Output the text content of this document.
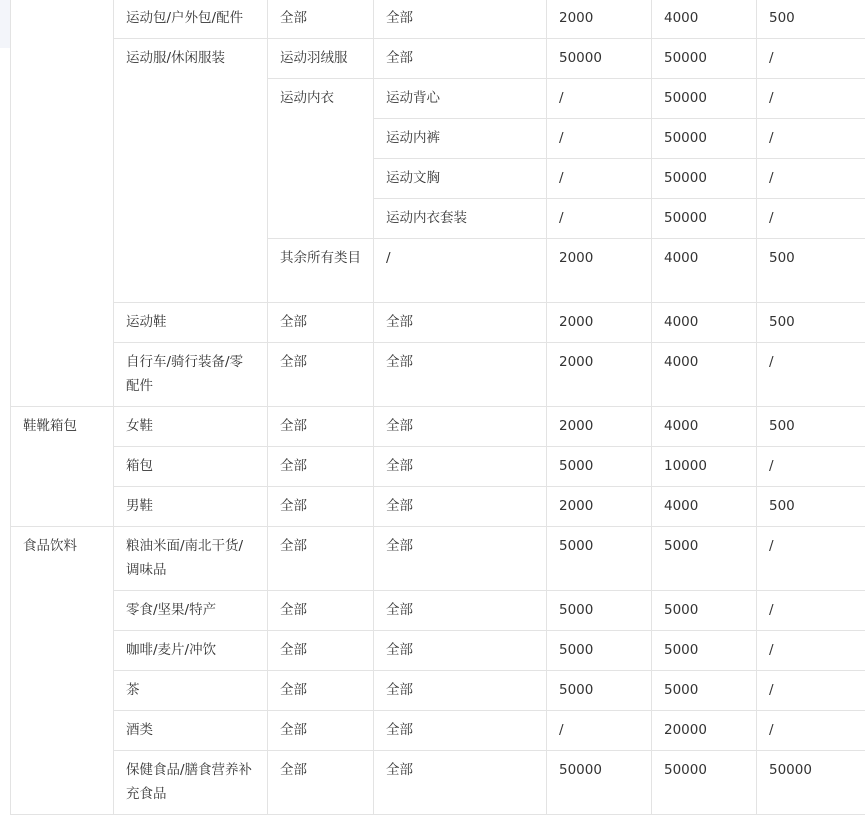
	运动包/户外包/配件	全部	全部	2000	4000	500
	运动服/休闲服装	运动羽绒服	全部	50000	50000	/
		运动内衣	运动背心	/	50000	/
			运动内裤	/	50000	/
			运动文胸	/	50000	/
			运动内衣套装	/	50000	/
		其余所有类目	/	2000	4000	500
	运动鞋	全部	全部	2000	4000	500
	自行车/骑行装备/零配件	全部	全部	2000	4000	/
鞋靴箱包	女鞋	全部	全部	2000	4000	500
	箱包	全部	全部	5000	10000	/
	男鞋	全部	全部	2000	4000	500
食品饮料	粮油米面/南北干货/调味品	全部	全部	5000	5000	/
	零食/坚果/特产	全部	全部	5000	5000	/
	咖啡/麦片/冲饮	全部	全部	5000	5000	/
	茶	全部	全部	5000	5000	/
	酒类	全部	全部	/	20000	/
	保健食品/膳食营养补充食品	全部	全部	50000	50000	50000
